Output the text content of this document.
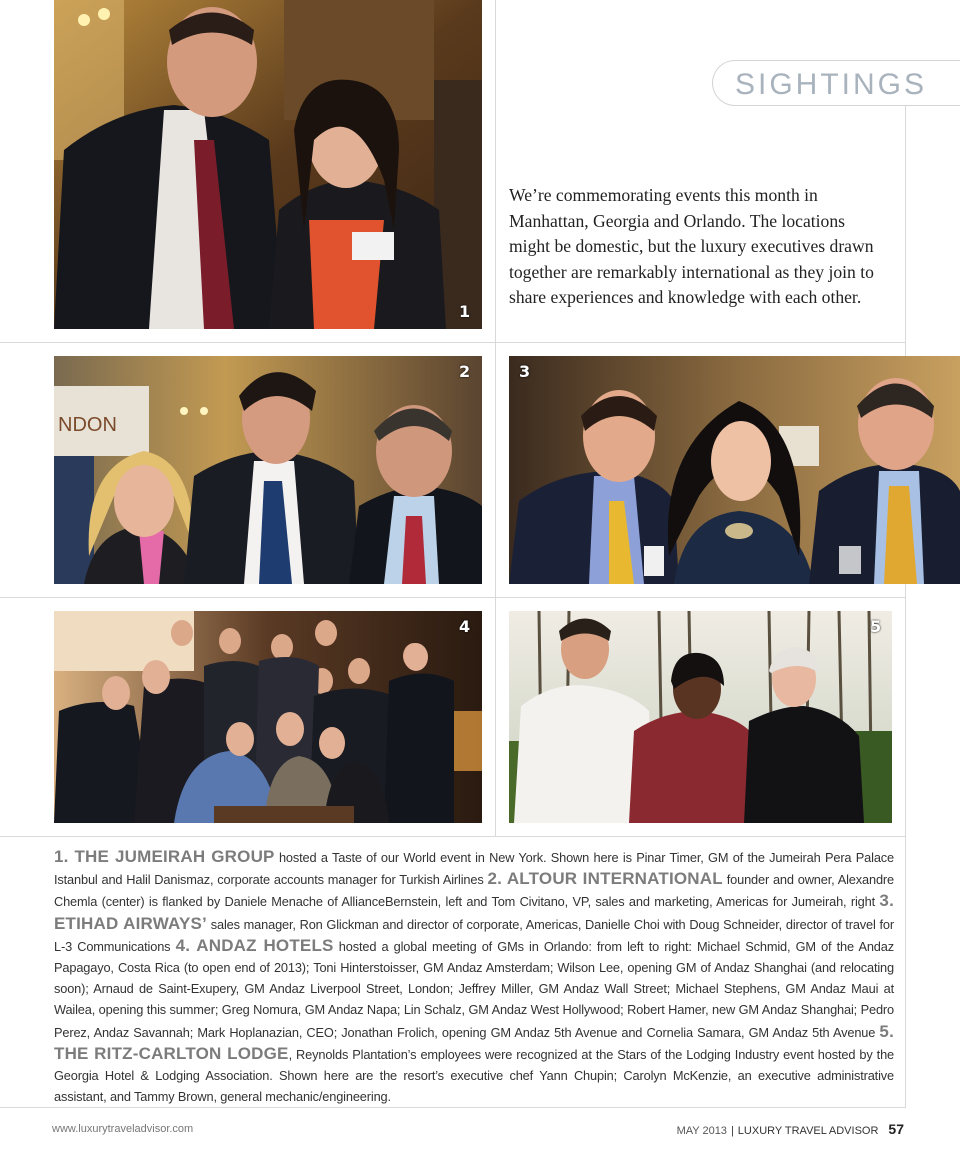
1
NDON
2	3
4	5
SIGHTINGS
We’re commemorating events this month in Manhattan, Georgia and Orlando. The locations might be domestic, but the luxury executives drawn together are remarkably international as they join to share experiences and knowledge with each other.
1. THE JUMEIRAH GROUP hosted a Taste of our World event in New York. Shown here is Pinar Timer, GM of the Jumeirah Pera Palace Istanbul and Halil Danismaz, corporate accounts manager for Turkish Airlines 2. ALTOUR INTERNATIONAL founder and owner, Alexandre Chemla (center) is flanked by Daniele Menache of AllianceBernstein, left and Tom Civitano, VP, sales and marketing, Americas for Jumeirah, right 3. ETIHAD AIRWAYS’ sales manager, Ron Glickman and director of corporate, Americas, Danielle Choi with Doug Schneider, director of travel for L-3 Communications 4. ANDAZ HOTELS hosted a global meeting of GMs in Orlando: from left to right: Michael Schmid, GM of the Andaz Papagayo, Costa Rica (to open end of 2013); Toni Hinterstoisser, GM Andaz Amsterdam; Wilson Lee, opening GM of Andaz Shanghai (and relocating soon); Arnaud de Saint-Exupery, GM Andaz Liverpool Street, London; Jeffrey Miller, GM Andaz Wall Street; Michael Stephens, GM Andaz Maui at Wailea, opening this summer; Greg Nomura, GM Andaz Napa; Lin Schalz, GM Andaz West Hollywood; Robert Hamer, new GM Andaz Shanghai; Pedro Perez, Andaz Savannah; Mark Hoplanazian, CEO; Jonathan Frolich, opening GM Andaz 5th Avenue and Cornelia Samara, GM Andaz 5th Avenue 5. THE RITZ-CARLTON LODGE, Reynolds Plantation’s employees were recognized at the Stars of the Lodging Industry event hosted by the Georgia Hotel & Lodging Association. Shown here are the resort’s executive chef Yann Chupin; Carolyn McKenzie, an executive administrative assistant, and Tammy Brown, general mechanic/engineering.
www.luxurytraveladvisor.com	MAY 2013 | LUXURY TRAVEL ADVISOR 57
